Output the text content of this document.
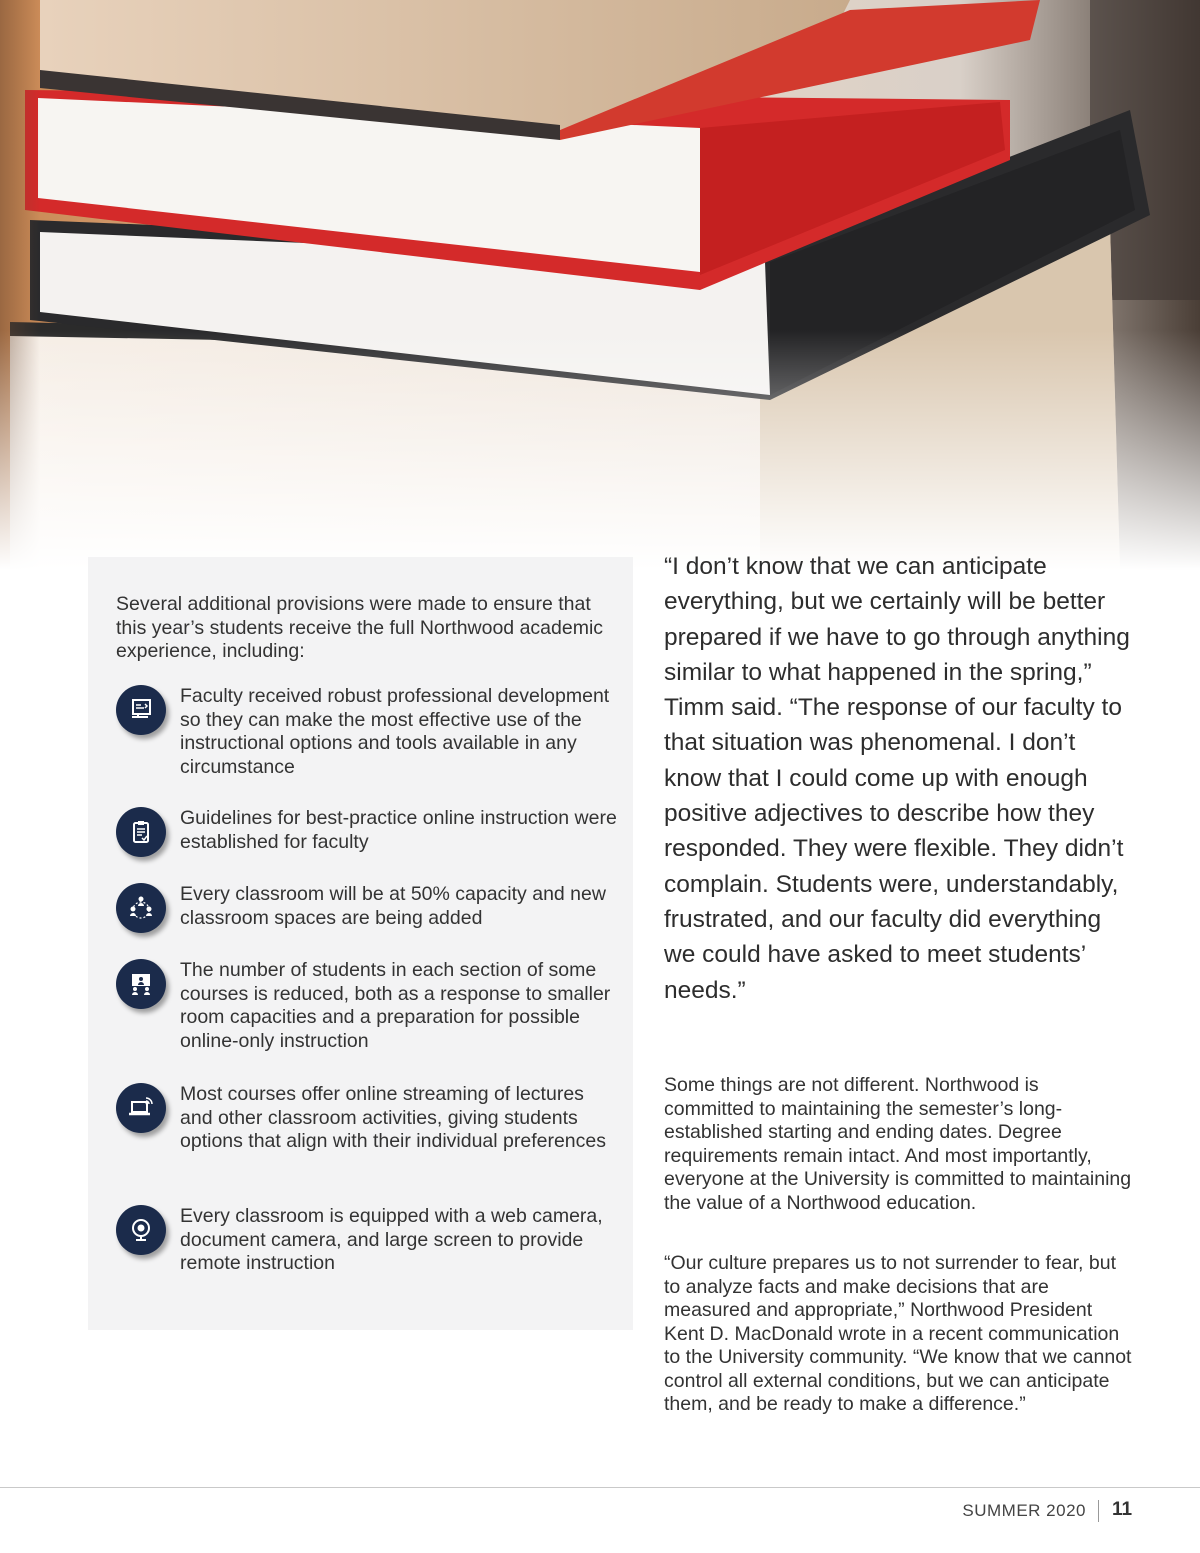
Several additional provisions were made to ensure that this year’s students receive the full Northwood academic experience, including:
Faculty received robust professional development so they can make the most effective use of the instructional options and tools available in any circumstance
Guidelines for best-practice online instruction were established for faculty
Every classroom will be at 50% capacity and new classroom spaces are being added
The number of students in each section of some courses is reduced, both as a response to smaller room capacities and a preparation for possible online-only instruction
Most courses offer online streaming of lectures and other classroom activities, giving students options that align with their individual preferences
Every classroom is equipped with a web camera, document camera, and large screen to provide remote instruction
“I don’t know that we can anticipate everything, but we certainly will be better prepared if we have to go through anything similar to what happened in the spring,” Timm said. “The response of our faculty to that situation was phenomenal. I don’t know that I could come up with enough positive adjectives to describe how they responded. They were flexible. They didn’t complain. Students were, understandably, frustrated, and our faculty did everything we could have asked to meet students’ needs.”
Some things are not different. Northwood is committed to maintaining the semester’s long-established starting and ending dates. Degree requirements remain intact. And most importantly, everyone at the University is committed to maintaining the value of a Northwood education.
“Our culture prepares us to not surrender to fear, but to analyze facts and make decisions that are measured and appropriate,” Northwood President Kent D. MacDonald wrote in a recent communication to the University community. “We know that we cannot control all external conditions, but we can anticipate them, and be ready to make a difference.”
SUMMER 2020 11
